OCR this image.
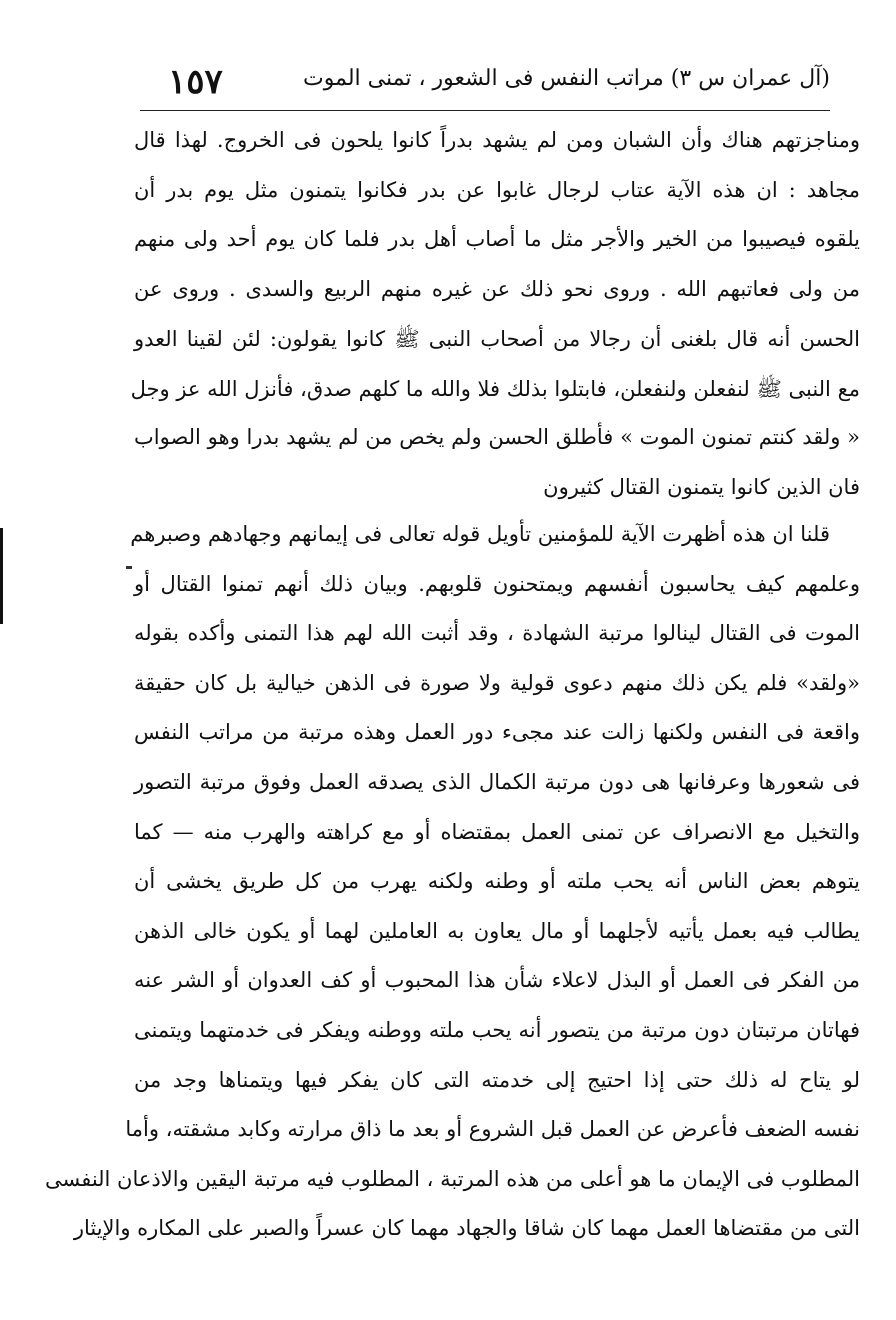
(آل عمران س ٣) مراتب النفس فى الشعور ، تمنى الموت
١٥٧
ومناجزتهم هناك وأن الشبان ومن لم يشهد بدراً كانوا يلحون فى الخروج. لهذا قال
مجاهد : ان هذه الآية عتاب لرجال غابوا عن بدر فكانوا يتمنون مثل يوم بدر أن
يلقوه فيصيبوا من الخير والأجر مثل ما أصاب أهل بدر فلما كان يوم أحد ولى منهم
من ولى فعاتبهم الله . وروى نحو ذلك عن غيره منهم الربيع والسدى . وروى عن
الحسن أنه قال بلغنى أن رجالا من أصحاب النبى ﷺ كانوا يقولون: لئن لقينا العدو
مع النبى ﷺ لنفعلن ولنفعلن، فابتلوا بذلك فلا والله ما كلهم صدق، فأنزل الله عز وجل
« ولقد كنتم تمنون الموت » فأطلق الحسن ولم يخص من لم يشهد بدرا وهو الصواب
فان الذين كانوا يتمنون القتال كثيرون
قلنا ان هذه أظهرت الآية للمؤمنين تأويل قوله تعالى فى إيمانهم وجهادهم وصبرهم
وعلمهم كيف يحاسبون أنفسهم ويمتحنون قلوبهم. وبيان ذلك أنهم تمنوا القتال أو
الموت فى القتال لينالوا مرتبة الشهادة ، وقد أثبت الله لهم هذا التمنى وأكده بقوله
«ولقد» فلم يكن ذلك منهم دعوى قولية ولا صورة فى الذهن خيالية بل كان حقيقة
واقعة فى النفس ولكنها زالت عند مجىء دور العمل وهذه مرتبة من مراتب النفس
فى شعورها وعرفانها هى دون مرتبة الكمال الذى يصدقه العمل وفوق مرتبة التصور
والتخيل مع الانصراف عن تمنى العمل بمقتضاه أو مع كراهته والهرب منه — كما
يتوهم بعض الناس أنه يحب ملته أو وطنه ولكنه يهرب من كل طريق يخشى أن
يطالب فيه بعمل يأتيه لأجلهما أو مال يعاون به العاملين لهما أو يكون خالى الذهن
من الفكر فى العمل أو البذل لاعلاء شأن هذا المحبوب أو كف العدوان أو الشر عنه
فهاتان مرتبتان دون مرتبة من يتصور أنه يحب ملته ووطنه ويفكر فى خدمتهما ويتمنى
لو يتاح له ذلك حتى إذا احتيج إلى خدمته التى كان يفكر فيها ويتمناها وجد من
نفسه الضعف فأعرض عن العمل قبل الشروع أو بعد ما ذاق مرارته وكابد مشقته، وأما
المطلوب فى الإيمان ما هو أعلى من هذه المرتبة ، المطلوب فيه مرتبة اليقين والاذعان النفسى
التى من مقتضاها العمل مهما كان شاقا والجهاد مهما كان عسراً والصبر على المكاره والإيثار
